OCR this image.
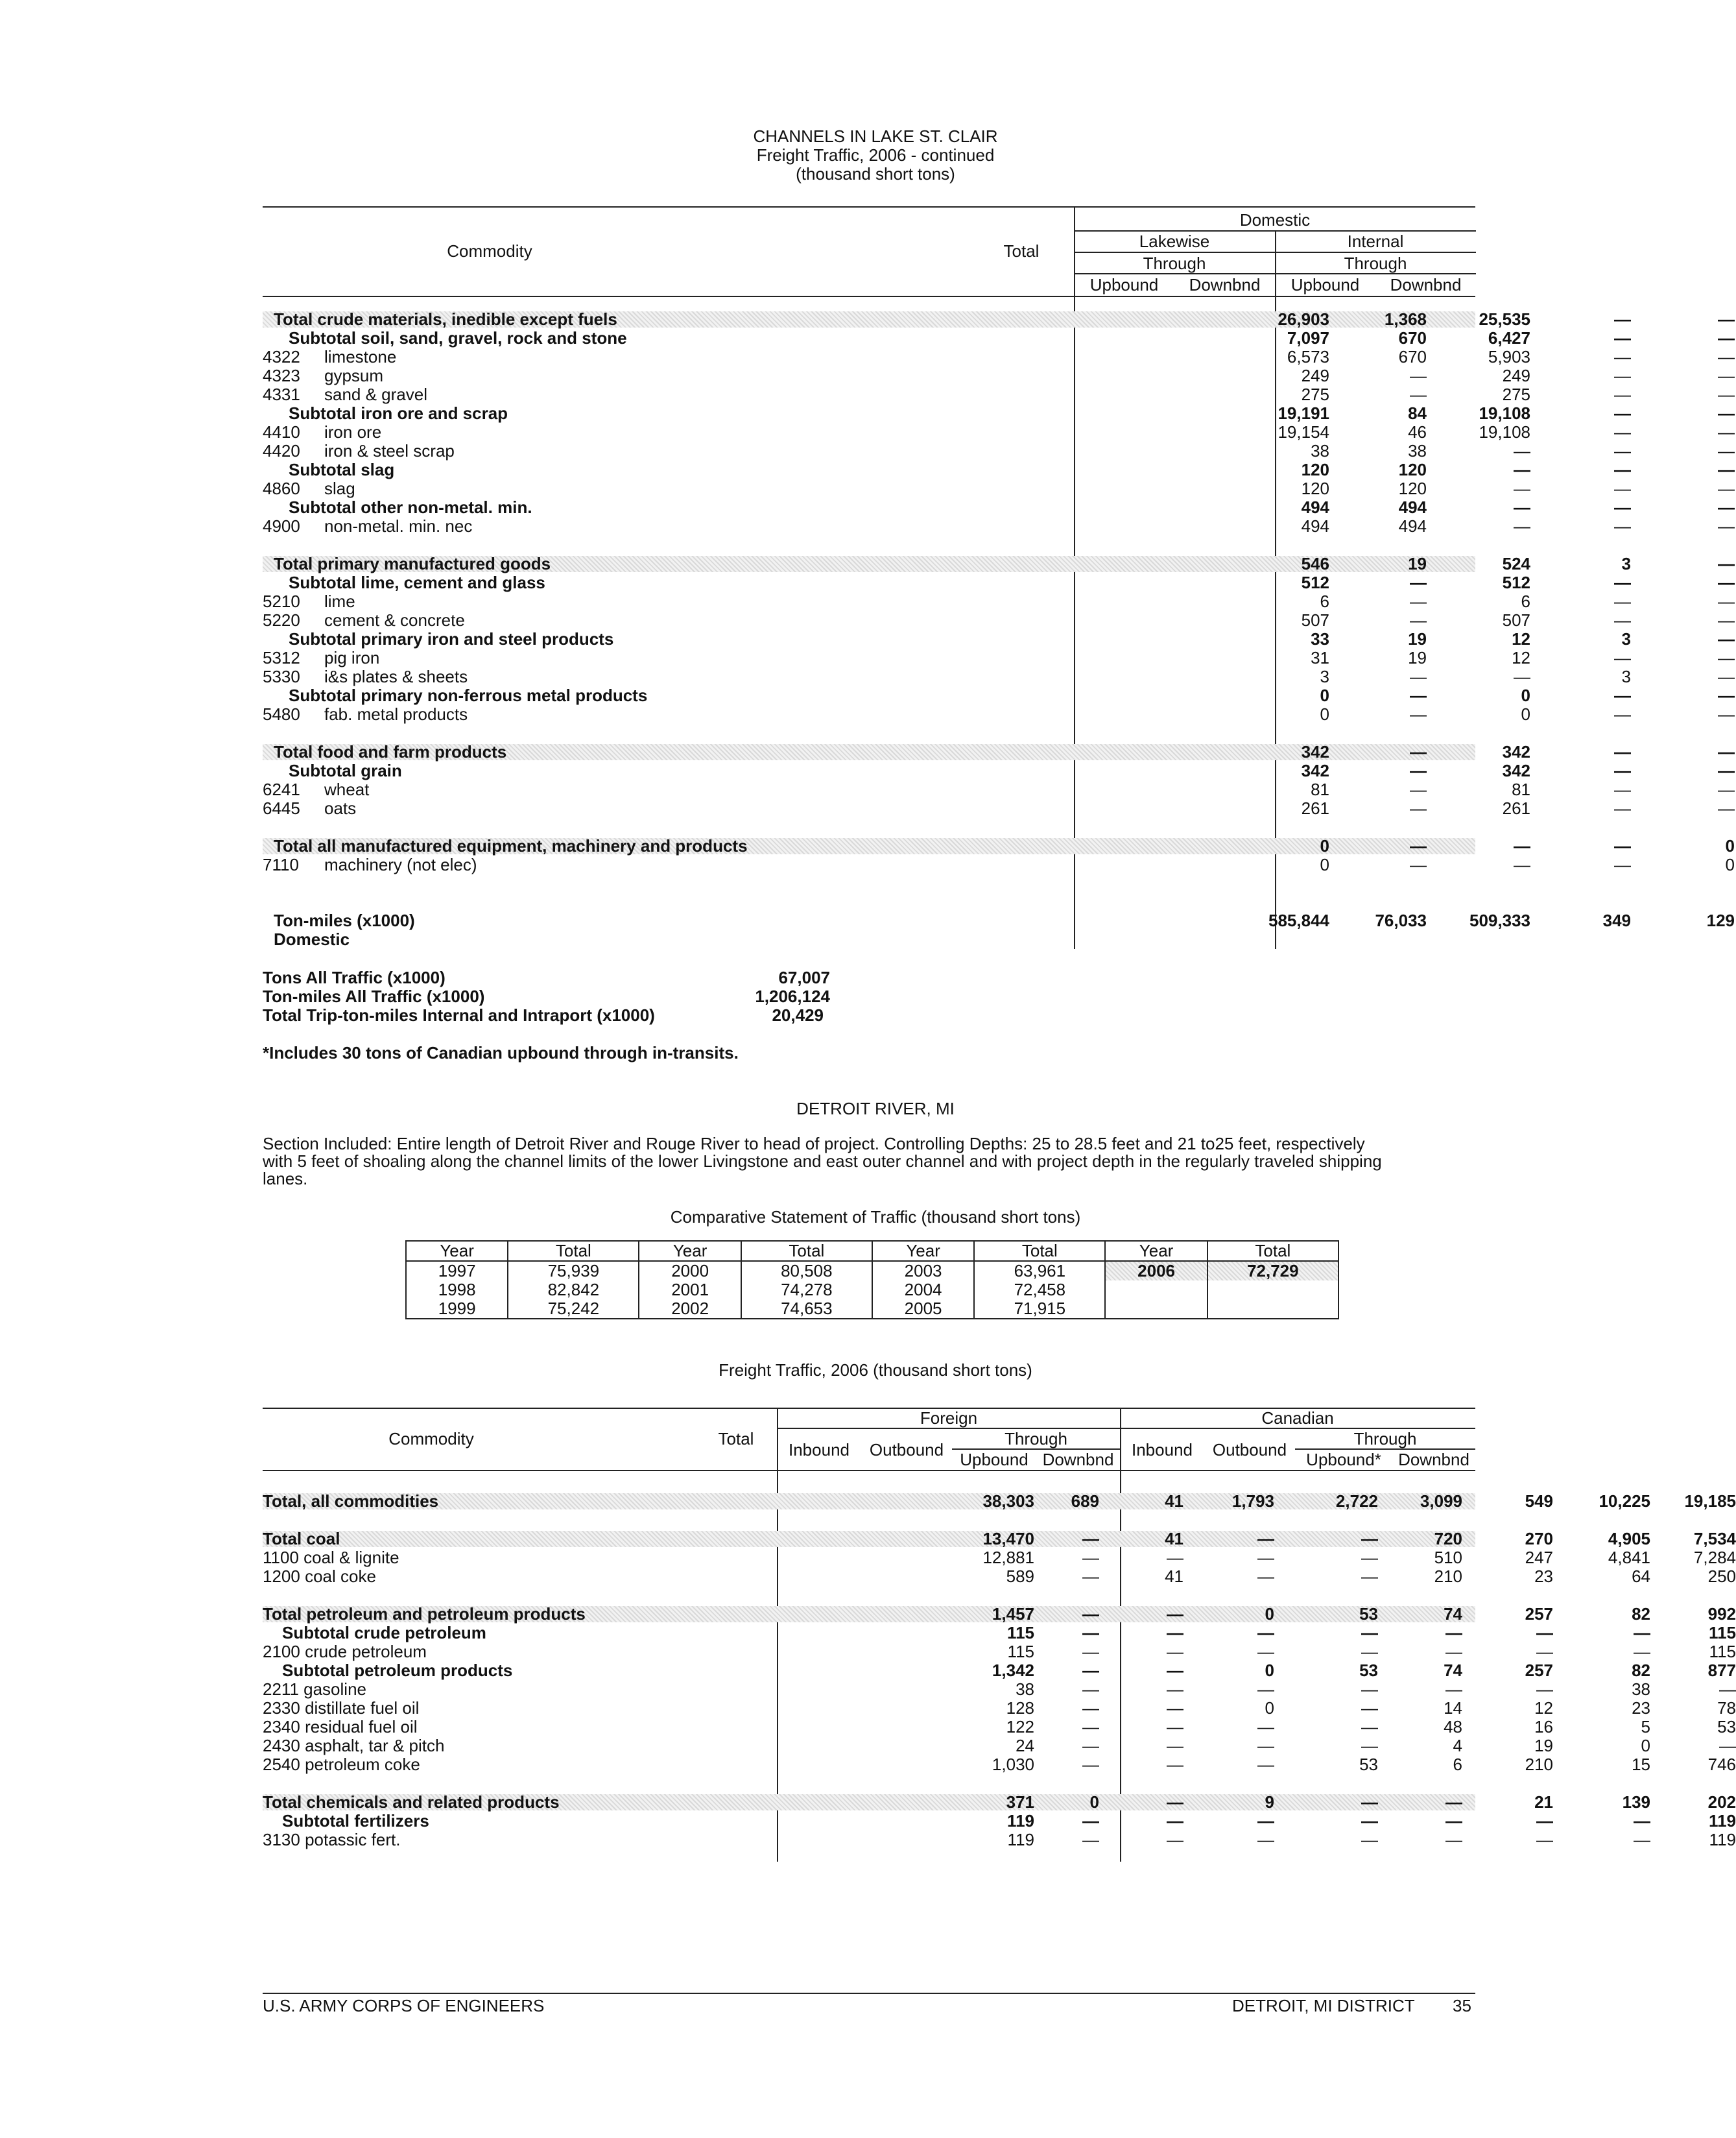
CHANNELS IN LAKE ST. CLAIR
Freight Traffic, 2006 - continued
(thousand short tons)
Domestic
Lakewise	Internal
Through	Through
Upbound	Downbnd	Upbound	Downbnd
Commodity	Total
Total crude materials, inedible except fuels	26,903	1,368	25,535	—	—
Subtotal soil, sand, gravel, rock and stone	7,097	670	6,427	—	—
4322 limestone	6,573	670	5,903	—	—
4323 gypsum	249	—	249	—	—
4331 sand & gravel	275	—	275	—	—
Subtotal iron ore and scrap	19,191	84	19,108	—	—
4410 iron ore	19,154	46	19,108	—	—
4420 iron & steel scrap	38	38	—	—	—
Subtotal slag	120	120	—	—	—
4860 slag	120	120	—	—	—
Subtotal other non-metal. min.	494	494	—	—	—
4900 non-metal. min. nec	494	494	—	—	—
Total primary manufactured goods	546	19	524	3	—
Subtotal lime, cement and glass	512	—	512	—	—
5210 lime	6	—	6	—	—
5220 cement & concrete	507	—	507	—	—
Subtotal primary iron and steel products	33	19	12	3	—
5312 pig iron	31	19	12	—	—
5330 i&s plates & sheets	3	—	—	3	—
Subtotal primary non-ferrous metal products	0	—	0	—	—
5480 fab. metal products	0	—	0	—	—
Total food and farm products	342	—	342	—	—
Subtotal grain	342	—	342	—	—
6241 wheat	81	—	81	—	—
6445 oats	261	—	261	—	—
Total all manufactured equipment, machinery and products	0	—	—	—	0
7110 machinery (not elec)	0	—	—	—	0
Ton-miles (x1000)	585,844	76,033	509,333	349	129
Domestic
Tons All Traffic (x1000)	67,007
Ton-miles All Traffic (x1000)	1,206,124
Total Trip-ton-miles Internal and Intraport (x1000)	20,429
*Includes 30 tons of Canadian upbound through in-transits.
DETROIT RIVER, MI
Section Included: Entire length of Detroit River and Rouge River to head of project. Controlling Depths: 25 to 28.5 feet and 21 to25 feet, respectively
with 5 feet of shoaling along the channel limits of the lower Livingstone and east outer channel and with project depth in the regularly traveled shipping
lanes.
Comparative Statement of Traffic (thousand short tons)
Year	Total	Year	Total	Year	Total	Year	Total
1997	75,939	2000	80,508	2003	63,961	2006	72,729
1998	82,842	2001	74,278	2004	72,458		
1999	75,242	2002	74,653	2005	71,915		
Freight Traffic, 2006 (thousand short tons)
Foreign	Canadian
Inbound	Outbound
Through
Upbound Downbnd	Inbound	Outbound
Through
Upbound*	Downbnd
Commodity	Total
Total, all commodities	38,303	689	41	1,793	2,722	3,099	549	10,225	19,185
Total coal	13,470	—	41	—	—	720	270	4,905	7,534
1100 coal & lignite	12,881	—	—	—	—	510	247	4,841	7,284
1200 coal coke	589	—	41	—	—	210	23	64	250
Total petroleum and petroleum products	1,457	—	—	0	53	74	257	82	992
Subtotal crude petroleum	115	—	—	—	—	—	—	—	115
2100 crude petroleum	115	—	—	—	—	—	—	—	115
Subtotal petroleum products	1,342	—	—	0	53	74	257	82	877
2211 gasoline	38	—	—	—	—	—	—	38	—
2330 distillate fuel oil	128	—	—	0	—	14	12	23	78
2340 residual fuel oil	122	—	—	—	—	48	16	5	53
2430 asphalt, tar & pitch	24	—	—	—	—	4	19	0	—
2540 petroleum coke	1,030	—	—	—	53	6	210	15	746
Total chemicals and related products	371	0	—	9	—	—	21	139	202
Subtotal fertilizers	119	—	—	—	—	—	—	—	119
3130 potassic fert.	119	—	—	—	—	—	—	—	119
U.S. ARMY CORPS OF ENGINEERS	DETROIT, MI DISTRICT 35
